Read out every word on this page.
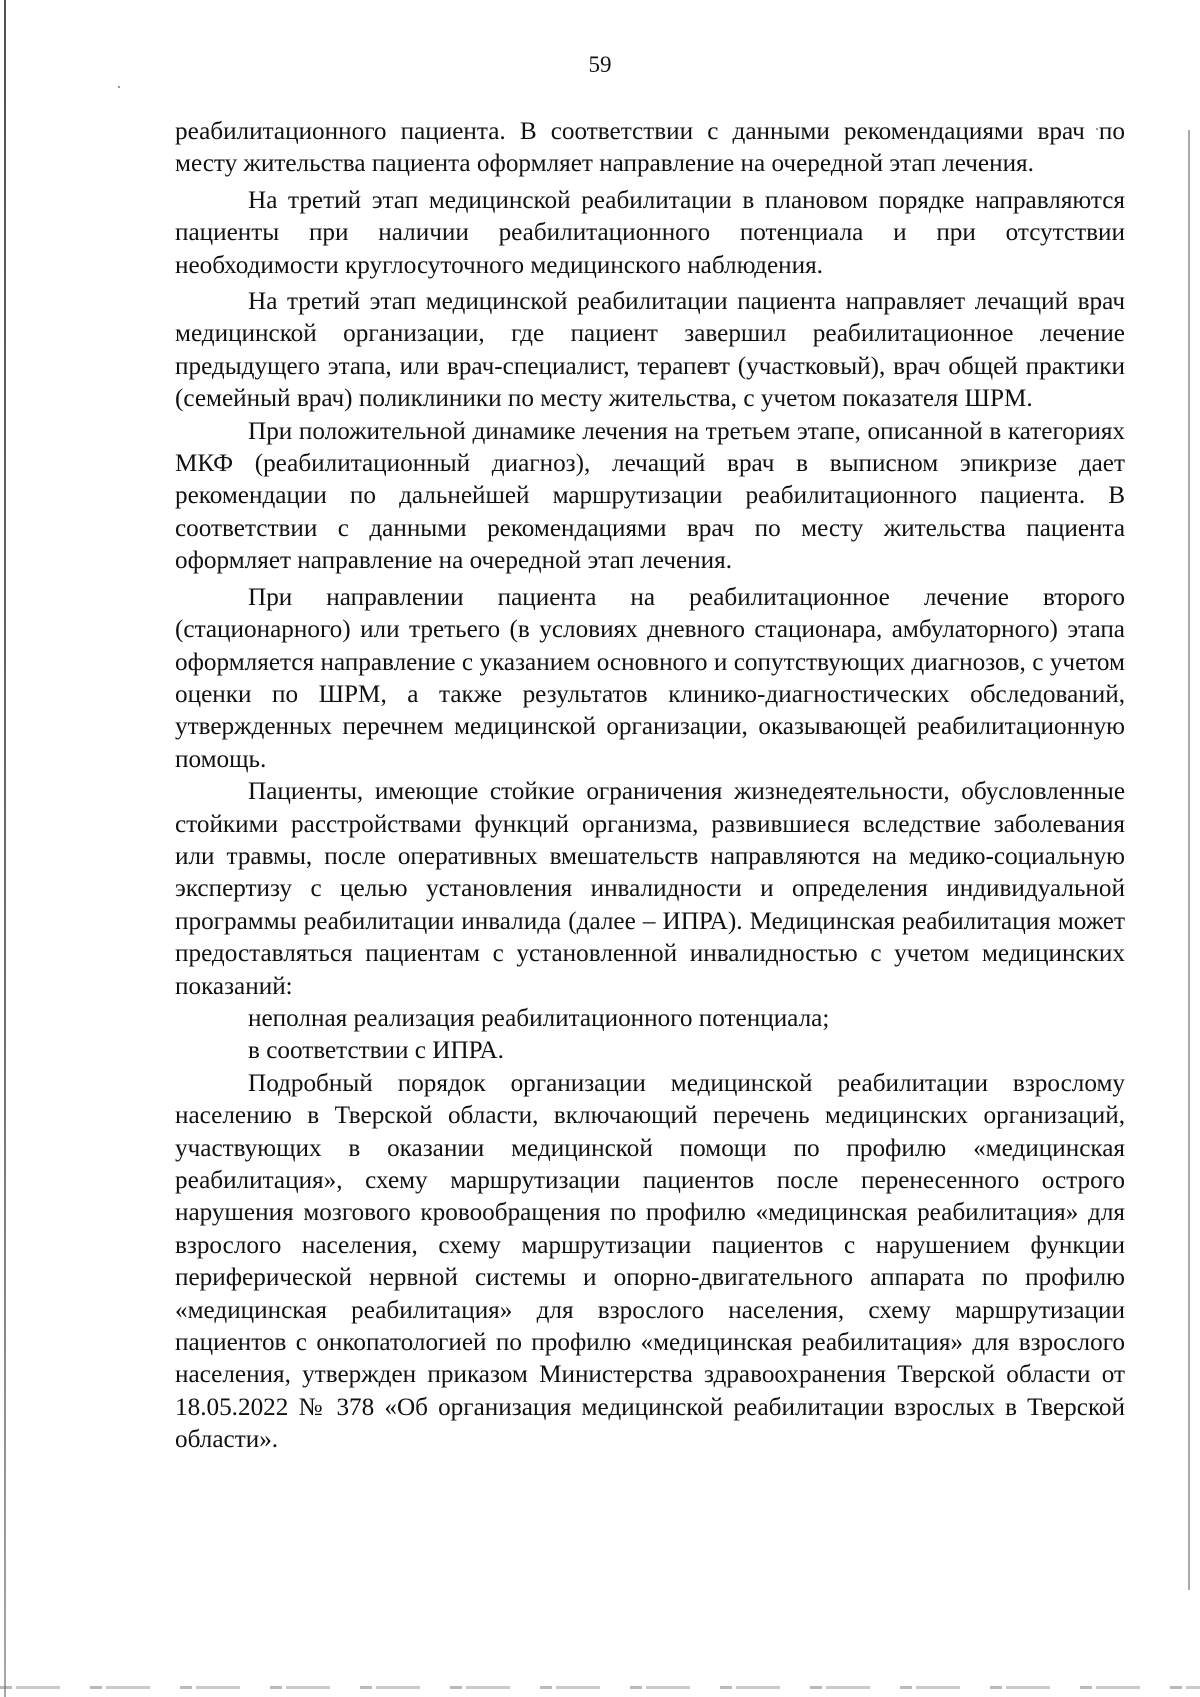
59

реабилитационного пациента. В соответствии с данными рекомендациями врач по месту жительства пациента оформляет направление на очередной этап лечения.

На третий этап медицинской реабилитации в плановом порядке направляются пациенты при наличии реабилитационного потенциала и при отсутствии необходимости круглосуточного медицинского наблюдения.

На третий этап медицинской реабилитации пациента направляет лечащий врач медицинской организации, где пациент завершил реабилитационное лечение предыдущего этапа, или врач-специалист, терапевт (участковый), врач общей практики (семейный врач) поликлиники по месту жительства, с учетом показателя ШРМ.

При положительной динамике лечения на третьем этапе, описанной в категориях МКФ (реабилитационный диагноз), лечащий врач в выписном эпикризе дает рекомендации по дальнейшей маршрутизации реабилитационного пациента. В соответствии с данными рекомендациями врач по месту жительства пациента оформляет направление на очередной этап лечения.

При направлении пациента на реабилитационное лечение второго (стационарного) или третьего (в условиях дневного стационара, амбулаторного) этапа оформляется направление с указанием основного и сопутствующих диагнозов, с учетом оценки по ШРМ, а также результатов клинико-диагностических обследований, утвержденных перечнем медицинской организации, оказывающей реабилитационную помощь.

Пациенты, имеющие стойкие ограничения жизнедеятельности, обусловленные стойкими расстройствами функций организма, развившиеся вследствие заболевания или травмы, после оперативных вмешательств направляются на медико-социальную экспертизу с целью установления инвалидности и определения индивидуальной программы реабилитации инвалида (далее – ИПРА). Медицинская реабилитация может предоставляться пациентам с установленной инвалидностью с учетом медицинских показаний:

неполная реализация реабилитационного потенциала;

в соответствии с ИПРА.

Подробный порядок организации медицинской реабилитации взрослому населению в Тверской области, включающий перечень медицинских организаций, участвующих в оказании медицинской помощи по профилю «медицинская реабилитация», схему маршрутизации пациентов после перенесенного острого нарушения мозгового кровообращения по профилю «медицинская реабилитация» для взрослого населения, схему маршрутизации пациентов с нарушением функции периферической нервной системы и опорно-двигательного аппарата по профилю «медицинская реабилитация» для взрослого населения, схему маршрутизации пациентов с онкопатологией по профилю «медицинская реабилитация» для взрослого населения, утвержден приказом Министерства здравоохранения Тверской области от 18.05.2022 № 378 «Об организация медицинской реабилитации взрослых в Тверской области».
